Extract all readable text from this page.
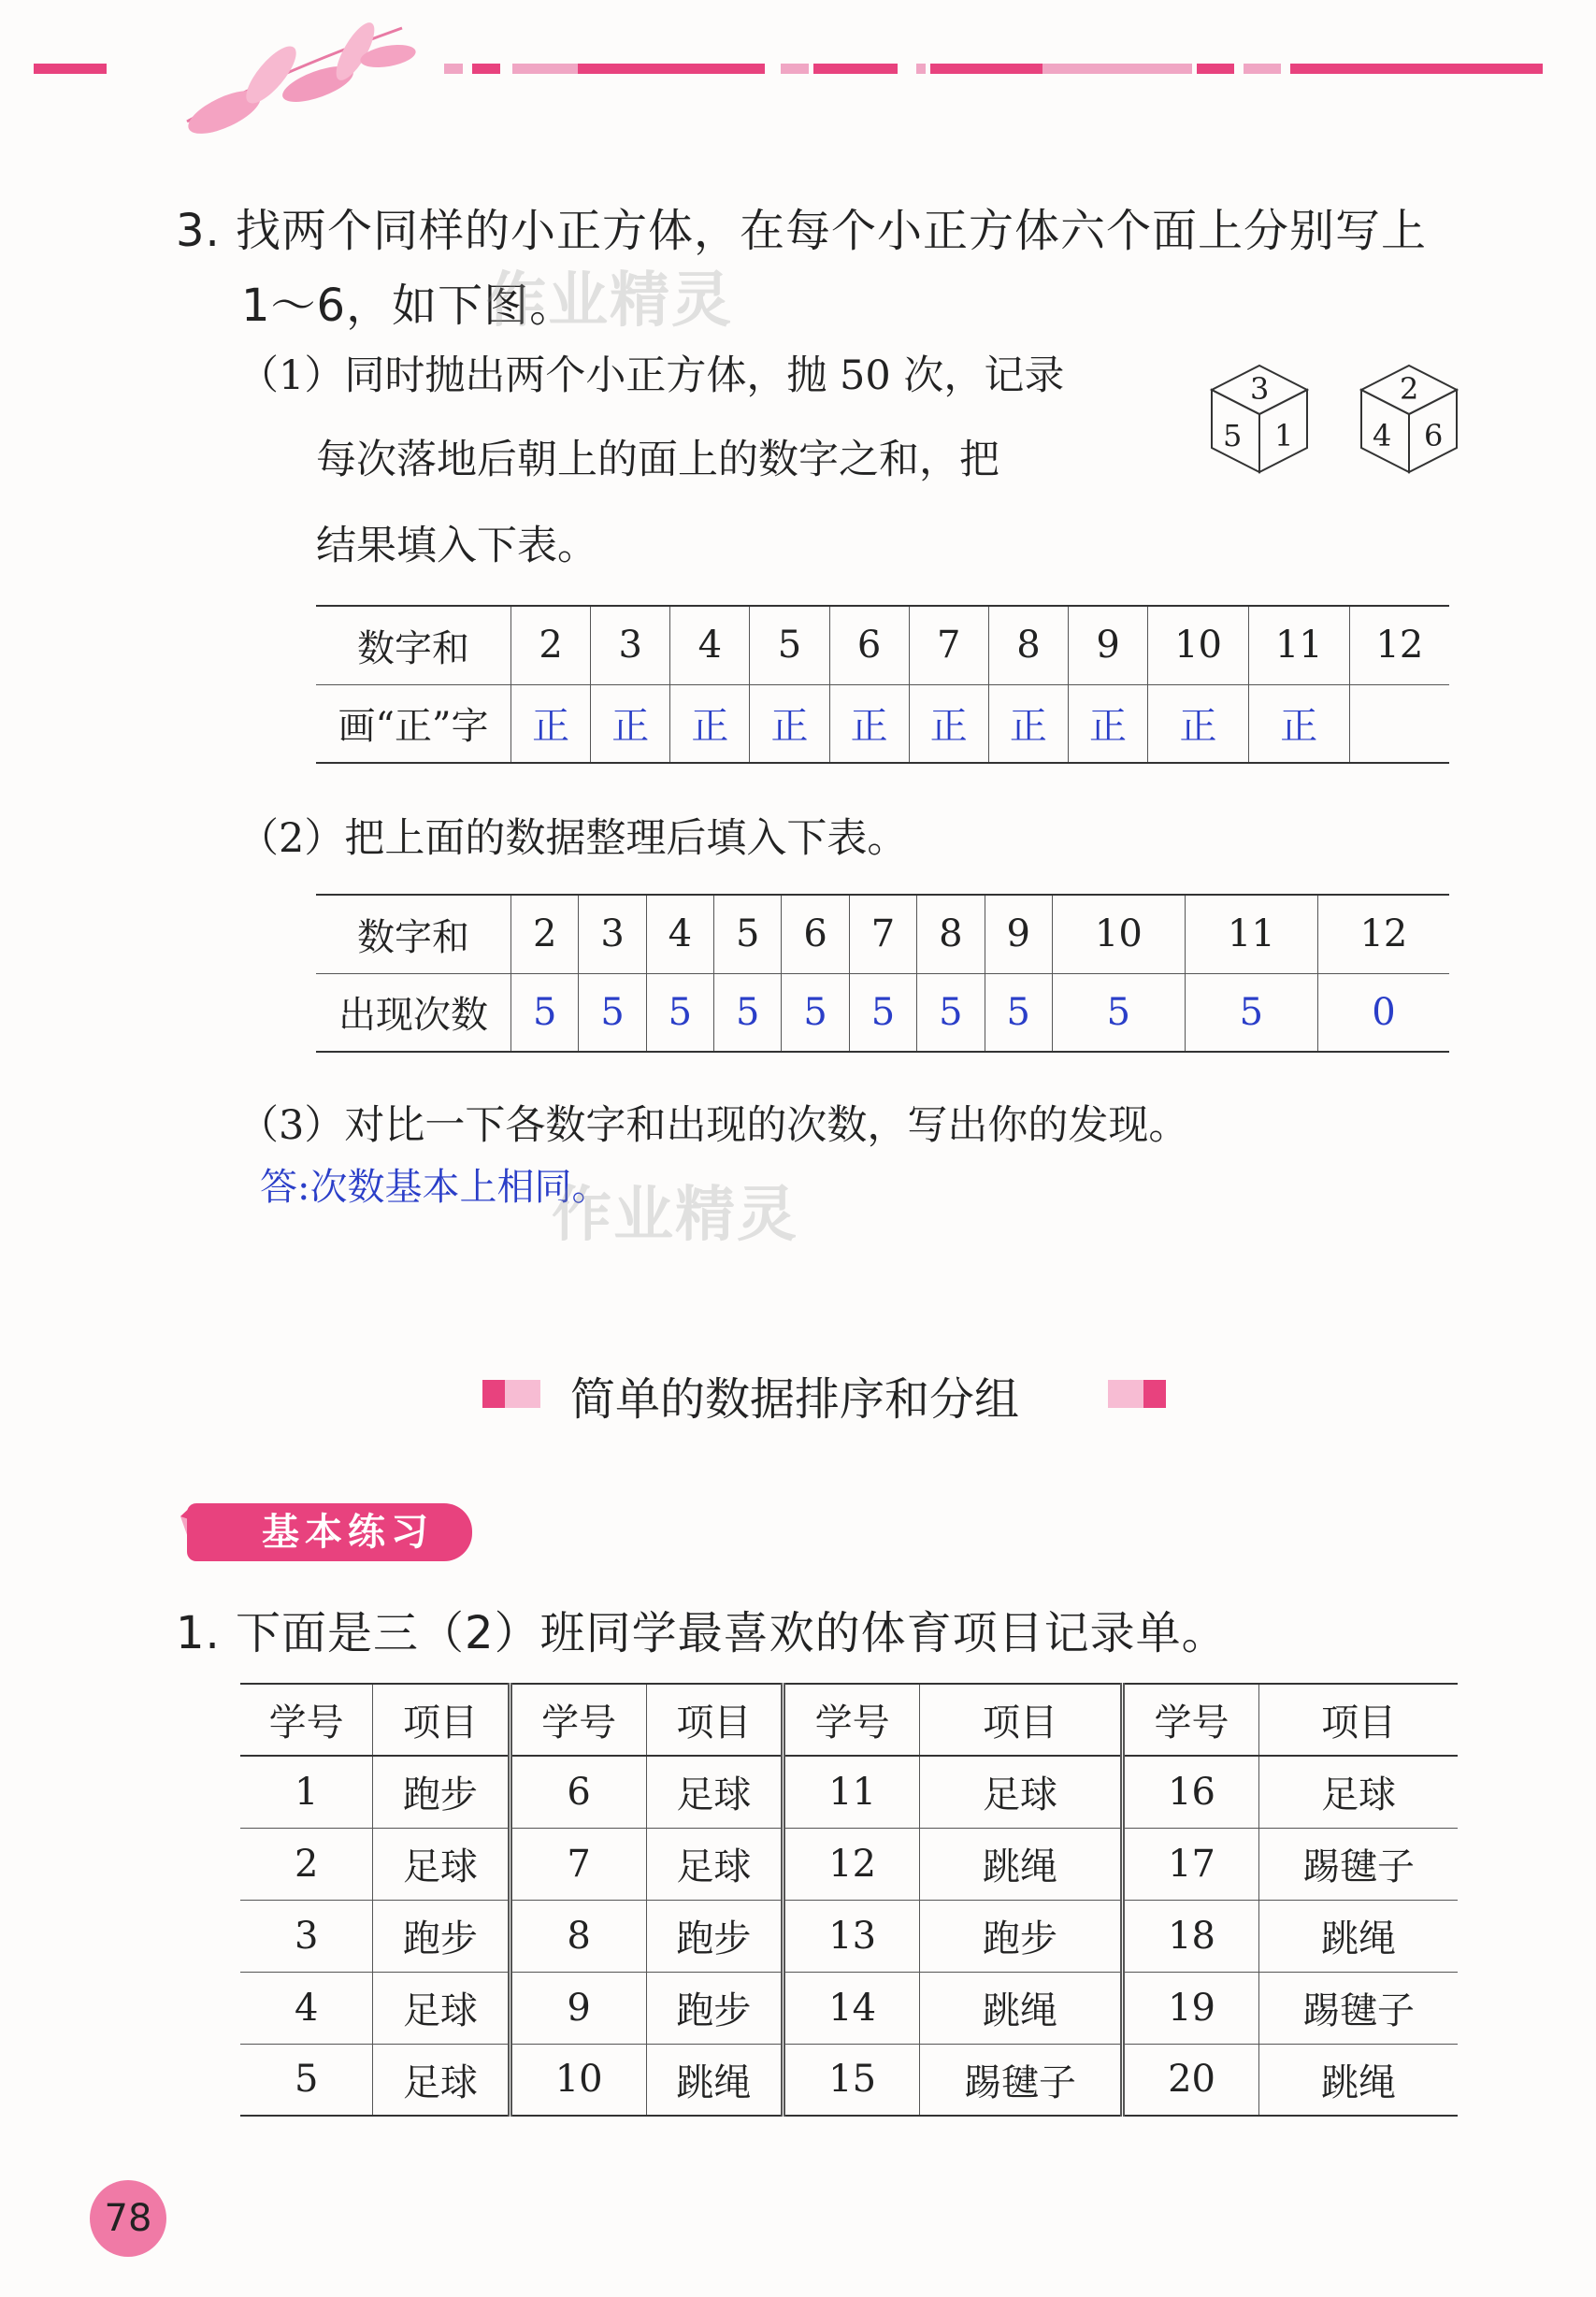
3. 找两个同样的小正方体，在每个小正方体六个面上分别写上
1～6，如下图。
作业精灵
（1）同时抛出两个小正方体，抛 50 次，记录
每次落地后朝上的面上的数字之和，把
结果填入下表。
3
5 1
2
4 6
数字和	2	3	4	5	6	7	8	9	10	11	12
画“正”字	正	正	正	正	正	正	正	正	正	正	
（2）把上面的数据整理后填入下表。
数字和	2	3	4	5	6	7	8	9	10	11	12
出现次数	5	5	5	5	5	5	5	5	5	5	0
（3）对比一下各数字和出现的次数，写出你的发现。
答:次数基本上相同。
作业精灵
简单的数据排序和分组
基本练习
1. 下面是三（2）班同学最喜欢的体育项目记录单。
学号	项目	学号	项目	学号	项目	学号	项目
1	跑步	6	足球	11	足球	16	足球
2	足球	7	足球	12	跳绳	17	踢毽子
3	跑步	8	跑步	13	跑步	18	跳绳
4	足球	9	跑步	14	跳绳	19	踢毽子
5	足球	10	跳绳	15	踢毽子	20	跳绳
78
